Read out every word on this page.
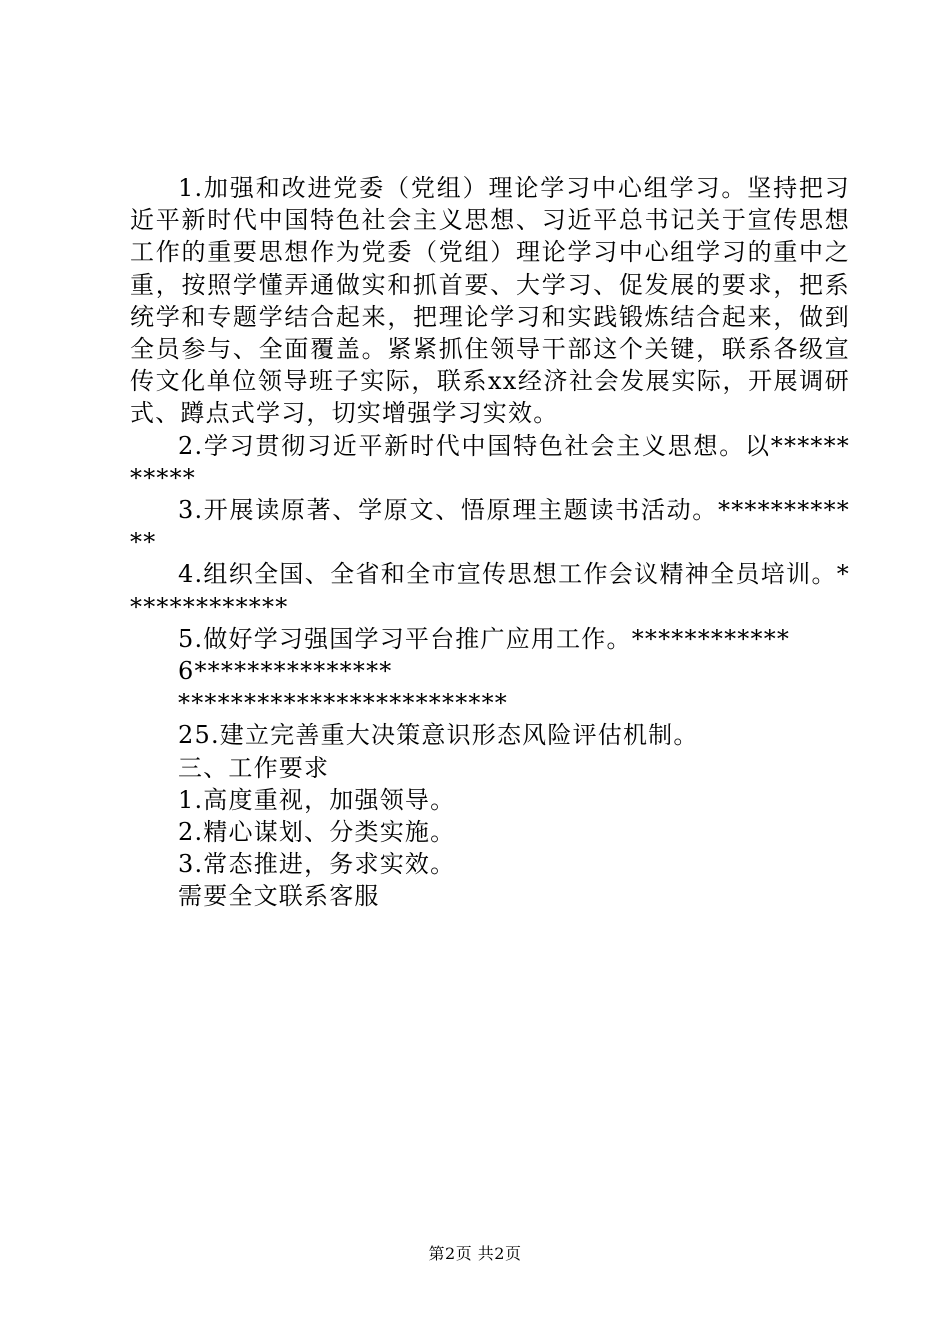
1.加强和改进党委（党组）理论学习中心组学习。坚持把习近平新时代中国特色社会主义思想、习近平总书记关于宣传思想工作的重要思想作为党委（党组）理论学习中心组学习的重中之重，按照学懂弄通做实和抓首要、大学习、促发展的要求，把系统学和专题学结合起来，把理论学习和实践锻炼结合起来，做到全员参与、全面覆盖。紧紧抓住领导干部这个关键，联系各级宣传文化单位领导班子实际，联系xx经济社会发展实际，开展调研式、蹲点式学习，切实增强学习实效。

2.学习贯彻习近平新时代中国特色社会主义思想。以***********

3.开展读原著、学原文、悟原理主题读书活动。************

4.组织全国、全省和全市宣传思想工作会议精神全员培训。*************

5.做好学习强国学习平台推广应用工作。************

6***************

*************************

25.建立完善重大决策意识形态风险评估机制。

三、工作要求

1.高度重视，加强领导。

2.精心谋划、分类实施。

3.常态推进，务求实效。

需要全文联系客服

第2页 共2页
